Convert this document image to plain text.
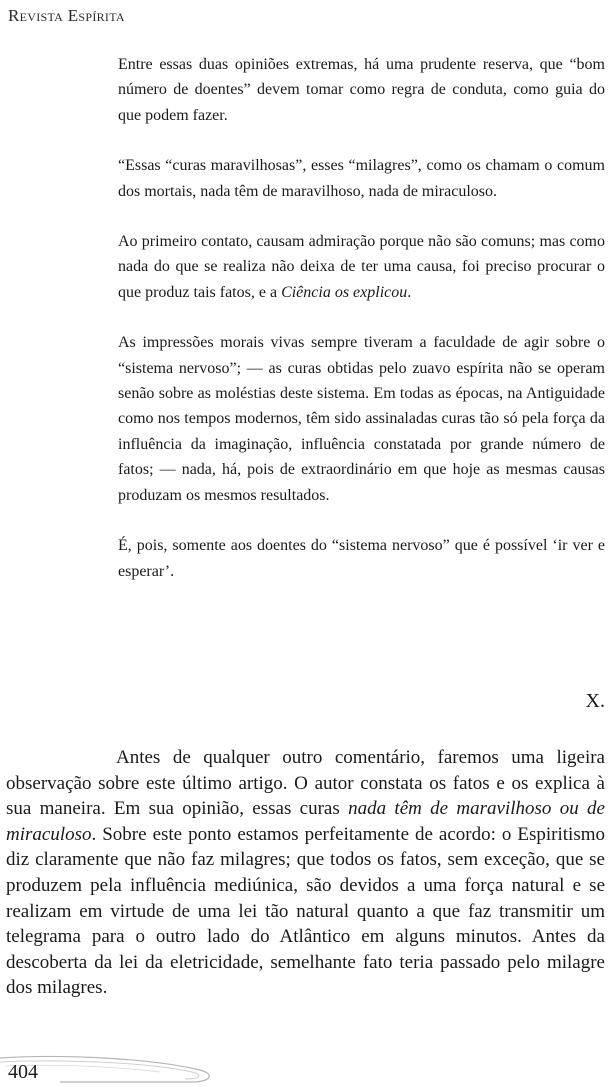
Revista Espírita

Entre essas duas opiniões extremas, há uma prudente reserva, que “bom número de doentes” devem tomar como regra de conduta, como guia do que podem fazer.

“Essas “curas maravilhosas”, esses “milagres”, como os chamam o comum dos mortais, nada têm de maravilhoso, nada de miraculoso.

Ao primeiro contato, causam admiração porque não são comuns; mas como nada do que se realiza não deixa de ter uma causa, foi preciso procurar o que produz tais fatos, e a Ciência os explicou.

As impressões morais vivas sempre tiveram a faculdade de agir sobre o “sistema nervoso”; — as curas obtidas pelo zuavo espírita não se operam senão sobre as moléstias deste sistema. Em todas as épocas, na Antiguidade como nos tempos modernos, têm sido assinaladas curas tão só pela força da influência da imaginação, influência constatada por grande número de fatos; — nada, há, pois de extraordinário em que hoje as mesmas causas produzam os mesmos resultados.

É, pois, somente aos doentes do “sistema nervoso” que é possível ‘ir ver e esperar’.

X.

Antes de qualquer outro comentário, faremos uma ligeira observação sobre este último artigo. O autor constata os fatos e os explica à sua maneira. Em sua opinião, essas curas nada têm de maravilhoso ou de miraculoso. Sobre este ponto estamos perfeitamente de acordo: o Espiritismo diz claramente que não faz milagres; que todos os fatos, sem exceção, que se produzem pela influência mediúnica, são devidos a uma força natural e se realizam em virtude de uma lei tão natural quanto a que faz transmitir um telegrama para o outro lado do Atlântico em alguns minutos. Antes da descoberta da lei da eletricidade, semelhante fato teria passado pelo milagre dos milagres.

404
